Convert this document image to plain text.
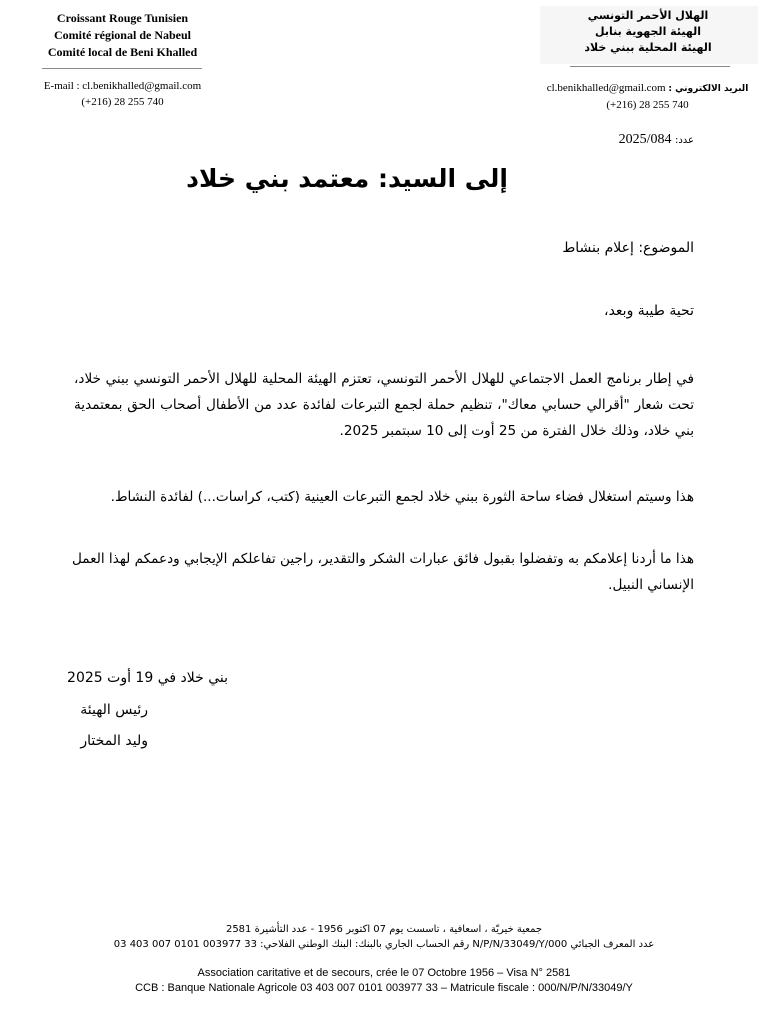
Croissant Rouge Tunisien
Comité régional de Nabeul
Comité local de Beni Khalled
E-mail : cl.benikhalled@gmail.com
(+216) 28 255 740
الهلال الأحمر التونسي
الهيئة الجهوية بنابل
الهيئة المحلية ببني خلاد
البريد الالكتروني : cl.benikhalled@gmail.com
(+216) 28 255 740
عدد: 2025/084
إلى السيد: معتمد بني خلاد
الموضوع: إعلام بنشاط
تحية طيبة وبعد،
في إطار برنامج العمل الاجتماعي للهلال الأحمر التونسي، تعتزم الهيئة المحلية للهلال الأحمر التونسي ببني خلاد، تحت شعار "أقرالي حسابي معاك"، تنظيم حملة لجمع التبرعات لفائدة عدد من الأطفال أصحاب الحق بمعتمدية بني خلاد، وذلك خلال الفترة من 25 أوت إلى 10 سبتمبر 2025.
هذا وسيتم استغلال فضاء ساحة الثورة ببني خلاد لجمع التبرعات العينية (كتب، كراسات...) لفائدة النشاط.
هذا ما أردنا إعلامكم به وتفضلوا بقبول فائق عبارات الشكر والتقدير، راجين تفاعلكم الإيجابي ودعمكم لهذا العمل الإنساني النبيل.
بني خلاد في 19 أوت 2025
رئيس الهيئة
وليد المختار
جمعية خيريّة ، اسعافية ، تاسست يوم 07 اكتوبر 1956 - عدد التأشيرة 2581
عدد المعرف الجبائي 000/N/P/N/33049/Y رقم الحساب الجاري بالبنك: البنك الوطني الفلاحي: 33 003977 0101 007 403 03
Association caritative et de secours, crée le 07 Octobre 1956 – Visa N° 2581
CCB : Banque Nationale Agricole 03 403 007 0101 003977 33 – Matricule fiscale : 000/N/P/N/33049/Y
